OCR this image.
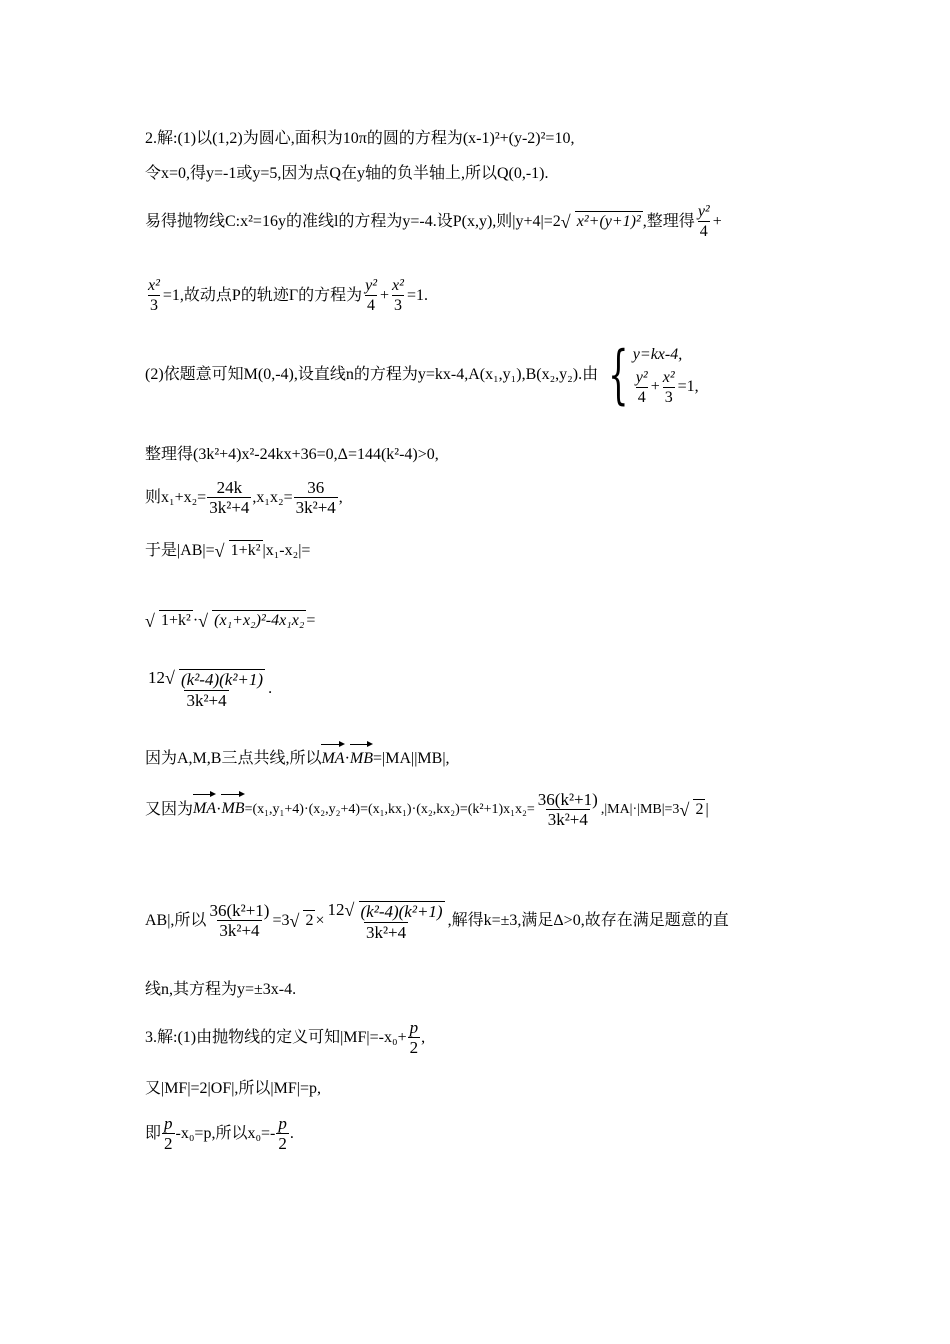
2.解:(1)以(1,2)为圆心,面积为10π的圆的方程为(x-1)²+(y-2)²=10,
令x=0,得y=-1或y=5,因为点Q在y轴的负半轴上,所以Q(0,-1).
易得抛物线C:x²=16y的准线l的方程为y=-4.设P(x,y),则|y+4|=2 √ x²+(y+1)² ,整理得 $\frac{\text{y²}}{4}$ +
$\frac{\text{x²}}{3} =1$,故动点P的轨迹Γ的方程为 $\frac{\text{y²}}{4} + \frac{\text{x²}}{3} =1$.
(2)依题意可知M(0,-4),设直线n的方程为y=kx-4,A(x₁,y₁),B(x₂,y₂).由 { y=kx-4,
$\frac{\text{y²}}{4} + \frac{\text{x²}}{3} =1$,
整理得(3k²+4)x²-24kx+36=0,Δ=144(k²-4)>0,
则$x_1+x_2= \frac{24k}{\text{3k²+4}} ,x_1x_2= \frac{36}{\text{3k²+4}}$ ,
于是|AB|= √ 1+k² |x₁-x₂|=
√ 1+k² · √ (x₁+x₂)²-4x₁x₂ =
$\frac{\text{12 √ (k²-4)(k²+1)}}{\text{3k²+4}}$ .
因为A,M,B三点共线,所以MA·MB=|MA||MB|,
又因为$MA\cdot MB=(x_1,y_1+4)\cdot(x_2,y_2+4)=(x_1,kx_1)\cdot(x_2,kx_2)=(k^2+1)x_1x_2= \frac{\text{36(k²+1)}}{\text{3k²+4}} ,|MA|\cdot|MB|=3$ √ 2 |
AB|,所以 $\frac{\text{36(k²+1)}}{\text{3k²+4}} =3$ √ $2 \times \frac{\text{12 √ (k²-4)(k²+1)}}{\text{3k²+4}}$ ,解得k=±3,满足Δ>0,故存在满足题意的直
线n,其方程为y=±3x-4.
3.解:(1)由抛物线的定义可知$|MF|=-x_0+ \frac{p}{2}$ ,
又|MF|=2|OF|,所以|MF|=p,
即 $\frac{p}{2} -x_0=p$,所以$x_0=- \frac{p}{2}$ .
